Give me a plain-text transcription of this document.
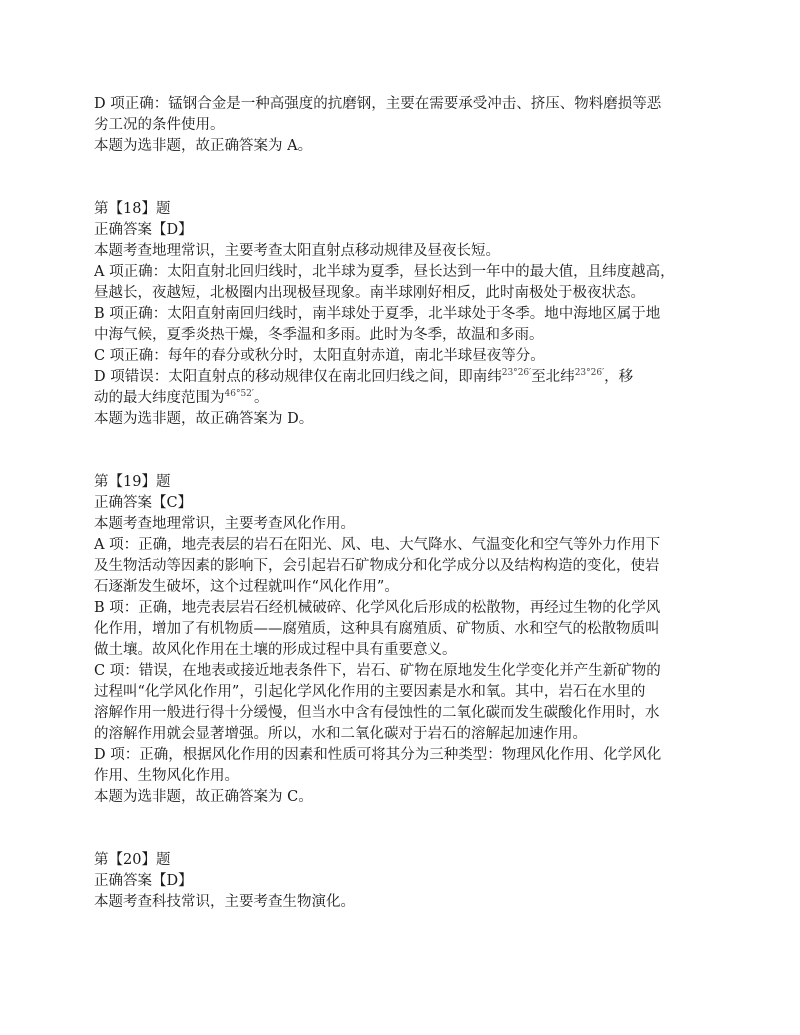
D 项正确：锰钢合金是一种高强度的抗磨钢，主要在需要承受冲击、挤压、物料磨损等恶
劣工况的条件使用。
本题为选非题，故正确答案为 A。
第【18】题
正确答案【D】
本题考查地理常识，主要考查太阳直射点移动规律及昼夜长短。
A 项正确：太阳直射北回归线时，北半球为夏季，昼长达到一年中的最大值，且纬度越高，
昼越长，夜越短，北极圈内出现极昼现象。南半球刚好相反，此时南极处于极夜状态。
B 项正确：太阳直射南回归线时，南半球处于夏季，北半球处于冬季。地中海地区属于地
中海气候，夏季炎热干燥，冬季温和多雨。此时为冬季，故温和多雨。
C 项正确：每年的春分或秋分时，太阳直射赤道，南北半球昼夜等分。
D 项错误：太阳直射点的移动规律仅在南北回归线之间，即南纬$^{23^\circ 26'}$至北纬$^{23^\circ 26'}$，移
动的最大纬度范围为$^{46^\circ 52'}$。
本题为选非题，故正确答案为 D。
第【19】题
正确答案【C】
本题考查地理常识，主要考查风化作用。
A 项：正确，地壳表层的岩石在阳光、风、电、大气降水、气温变化和空气等外力作用下
及生物活动等因素的影响下，会引起岩石矿物成分和化学成分以及结构构造的变化，使岩
石逐渐发生破坏，这个过程就叫作“风化作用”。
B 项：正确，地壳表层岩石经机械破碎、化学风化后形成的松散物，再经过生物的化学风
化作用，增加了有机物质——腐殖质，这种具有腐殖质、矿物质、水和空气的松散物质叫
做土壤。故风化作用在土壤的形成过程中具有重要意义。
C 项：错误，在地表或接近地表条件下，岩石、矿物在原地发生化学变化并产生新矿物的
过程叫“化学风化作用”，引起化学风化作用的主要因素是水和氧。其中，岩石在水里的
溶解作用一般进行得十分缓慢，但当水中含有侵蚀性的二氧化碳而发生碳酸化作用时，水
的溶解作用就会显著增强。所以，水和二氧化碳对于岩石的溶解起加速作用。
D 项：正确，根据风化作用的因素和性质可将其分为三种类型：物理风化作用、化学风化
作用、生物风化作用。
本题为选非题，故正确答案为 C。
第【20】题
正确答案【D】
本题考查科技常识，主要考查生物演化。
